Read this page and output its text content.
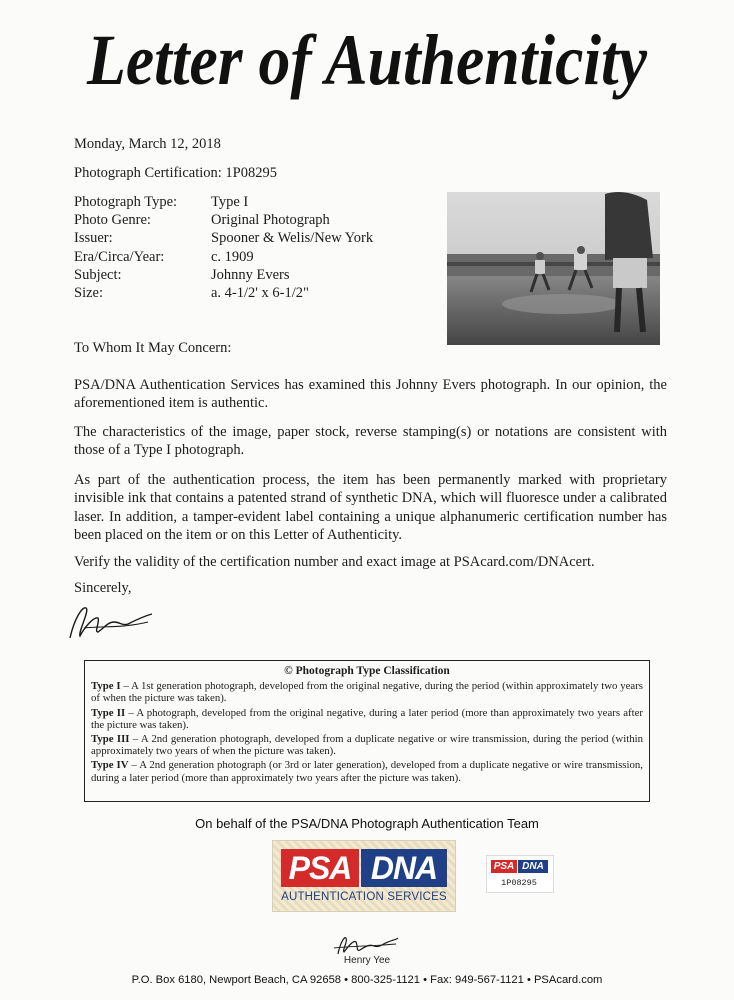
Letter of Authenticity
Monday, March 12, 2018
Photograph Certification: 1P08295
Photograph Type:	Type I
Photo Genre:	Original Photograph
Issuer:	Spooner & Welis/New York
Era/Circa/Year:	c. 1909
Subject:	Johnny Evers
Size:	a. 4-1/2' x 6-1/2"
To Whom It May Concern:
PSA/DNA Authentication Services has examined this Johnny Evers photograph. In our opinion, the aforementioned item is authentic.
The characteristics of the image, paper stock, reverse stamping(s) or notations are consistent with those of a Type I photograph.
As part of the authentication process, the item has been permanently marked with proprietary invisible ink that contains a patented strand of synthetic DNA, which will fluoresce under a calibrated laser. In addition, a tamper-evident label containing a unique alphanumeric certification number has been placed on the item or on this Letter of Authenticity.
Verify the validity of the certification number and exact image at PSAcard.com/DNAcert.
Sincerely,
© Photograph Type Classification
Type I – A 1st generation photograph, developed from the original negative, during the period (within approximately two years of when the picture was taken).
Type II – A photograph, developed from the original negative, during a later period (more than approximately two years after the picture was taken).
Type III – A 2nd generation photograph, developed from a duplicate negative or wire transmission, during the period (within approximately two years of when the picture was taken).
Type IV – A 2nd generation photograph (or 3rd or later generation), developed from a duplicate negative or wire transmission, during a later period (more than approximately two years after the picture was taken).
On behalf of the PSA/DNA Photograph Authentication Team
PSA DNA
AUTHENTICATION SERVICES
PSA DNA
1P08295
Henry Yee
P.O. Box 6180, Newport Beach, CA 92658 • 800-325-1121 • Fax: 949-567-1121 • PSAcard.com
